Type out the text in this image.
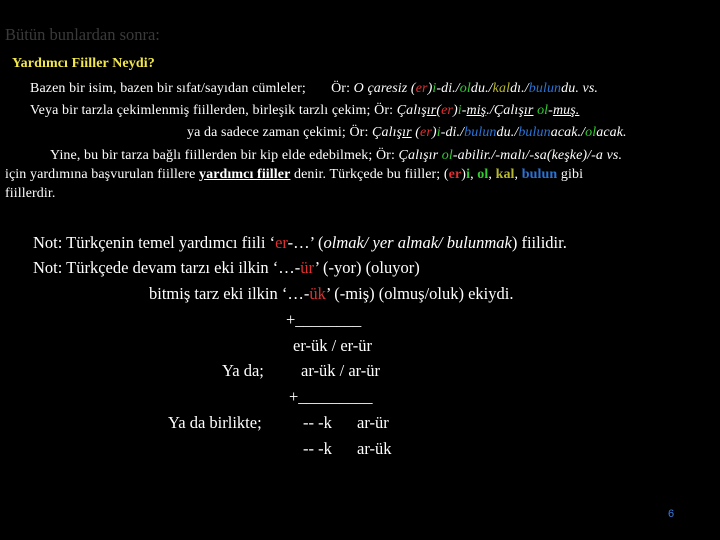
Bütün bunlardan sonra:
Yardımcı Fiiller Neydi?
Bazen bir isim, bazen bir sıfat/sayıdan cümleler; Ör: O çaresiz (er)i-di./oldu./kaldı./bulundu. vs.
Veya bir tarzla çekimlenmiş fiillerden, birleşik tarzlı çekim; Ör: Çalışır(er)i-miş./Çalışır ol-muş.
ya da sadece zaman çekimi; Ör: Çalışır (er)i-di./bulundu./bulunacak./olacak.
Yine, bu bir tarza bağlı fiillerden bir kip elde edebilmek; Ör: Çalışır ol-abilir./-malı/-sa(keşke)/-a vs.
için yardımına başvurulan fiillere yardımcı fiiller denir. Türkçede bu fiiller; (er)i, ol, kal, bulun gibi
fiillerdir.
Not: Türkçenin temel yardımcı fiili ‘er-…’ (olmak/ yer almak/ bulunmak) fiilidir.
Not: Türkçede devam tarzı eki ilkin ‘…-ür’ (-yor) (oluyor)
bitmiş tarz eki ilkin ‘…-ük’ (-miş) (olmuş/oluk) ekiydi.
+________
er-ük / er-ür
Ya da; ar-ük / ar-ür
+_________
Ya da birlikte;	-- -k ar-ür
-- -k ar-ük
6
